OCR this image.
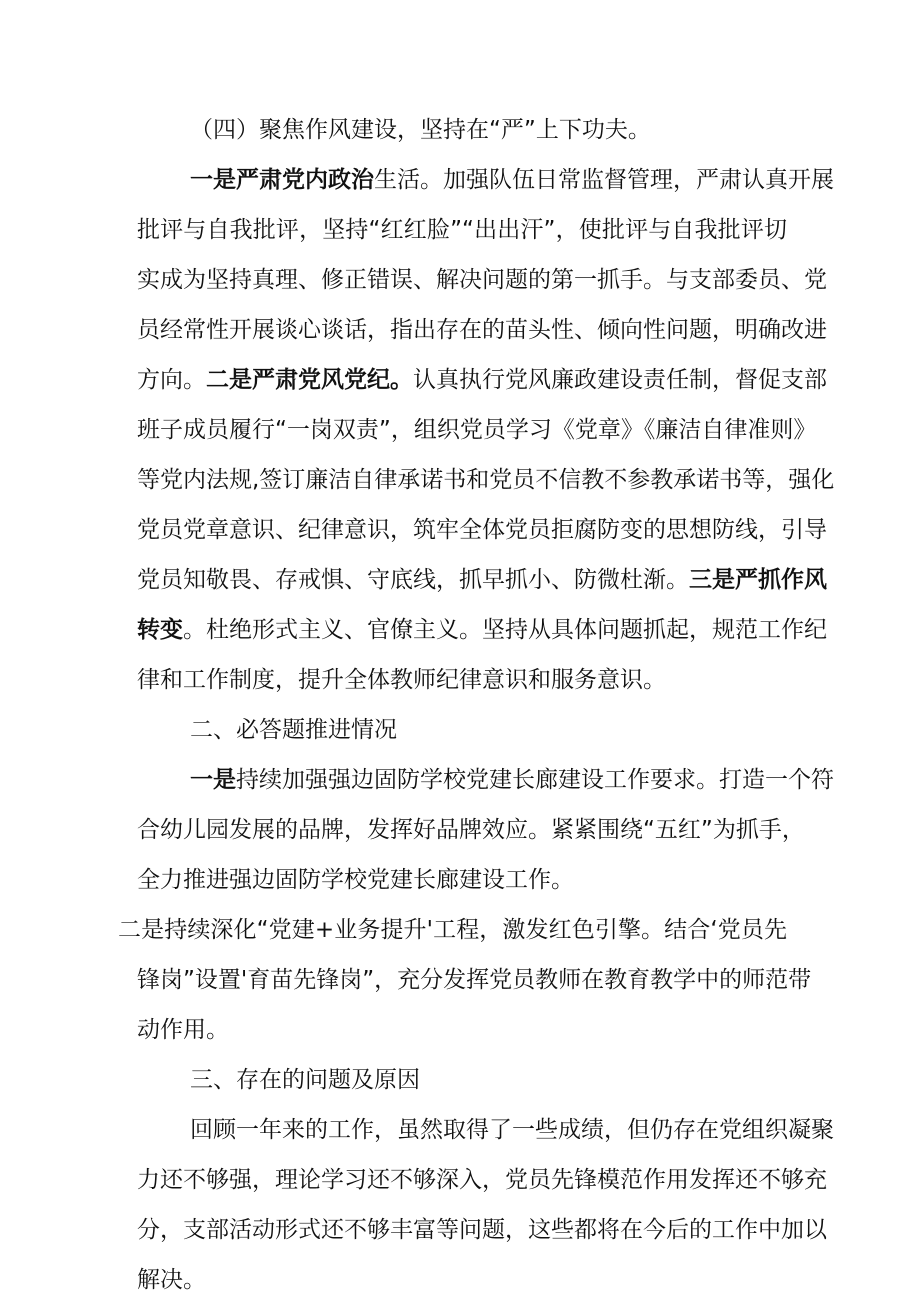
（四）聚焦作风建设，坚持在“严”上下功夫。
一是严肃党内政治生活。加强队伍日常监督管理，严肃认真开展
批评与自我批评，坚持“红红脸”“出出汗”，使批评与自我批评切
实成为坚持真理、修正错误、解决问题的第一抓手。与支部委员、党
员经常性开展谈心谈话，指出存在的苗头性、倾向性问题，明确改进
方向。二是严肃党风党纪。认真执行党风廉政建设责任制，督促支部
班子成员履行“一岗双责”，组织党员学习《党章》《廉洁自律准则》
等党内法规,签订廉洁自律承诺书和党员不信教不参教承诺书等，强化
党员党章意识、纪律意识，筑牢全体党员拒腐防变的思想防线，引导
党员知敬畏、存戒惧、守底线，抓早抓小、防微杜渐。三是严抓作风
转变。杜绝形式主义、官僚主义。坚持从具体问题抓起，规范工作纪
律和工作制度，提升全体教师纪律意识和服务意识。
二、必答题推进情况
一是持续加强强边固防学校党建长廊建设工作要求。打造一个符
合幼儿园发展的品牌，发挥好品牌效应。紧紧围绕“五红”为抓手，
全力推进强边固防学校党建长廊建设工作。
二是持续深化“党建+业务提升'工程，激发红色引擎。结合‘党员先
锋岗”设置'育苗先锋岗”，充分发挥党员教师在教育教学中的师范带
动作用。
三、存在的问题及原因
回顾一年来的工作，虽然取得了一些成绩，但仍存在党组织凝聚
力还不够强，理论学习还不够深入，党员先锋模范作用发挥还不够充
分，支部活动形式还不够丰富等问题，这些都将在今后的工作中加以
解决。
